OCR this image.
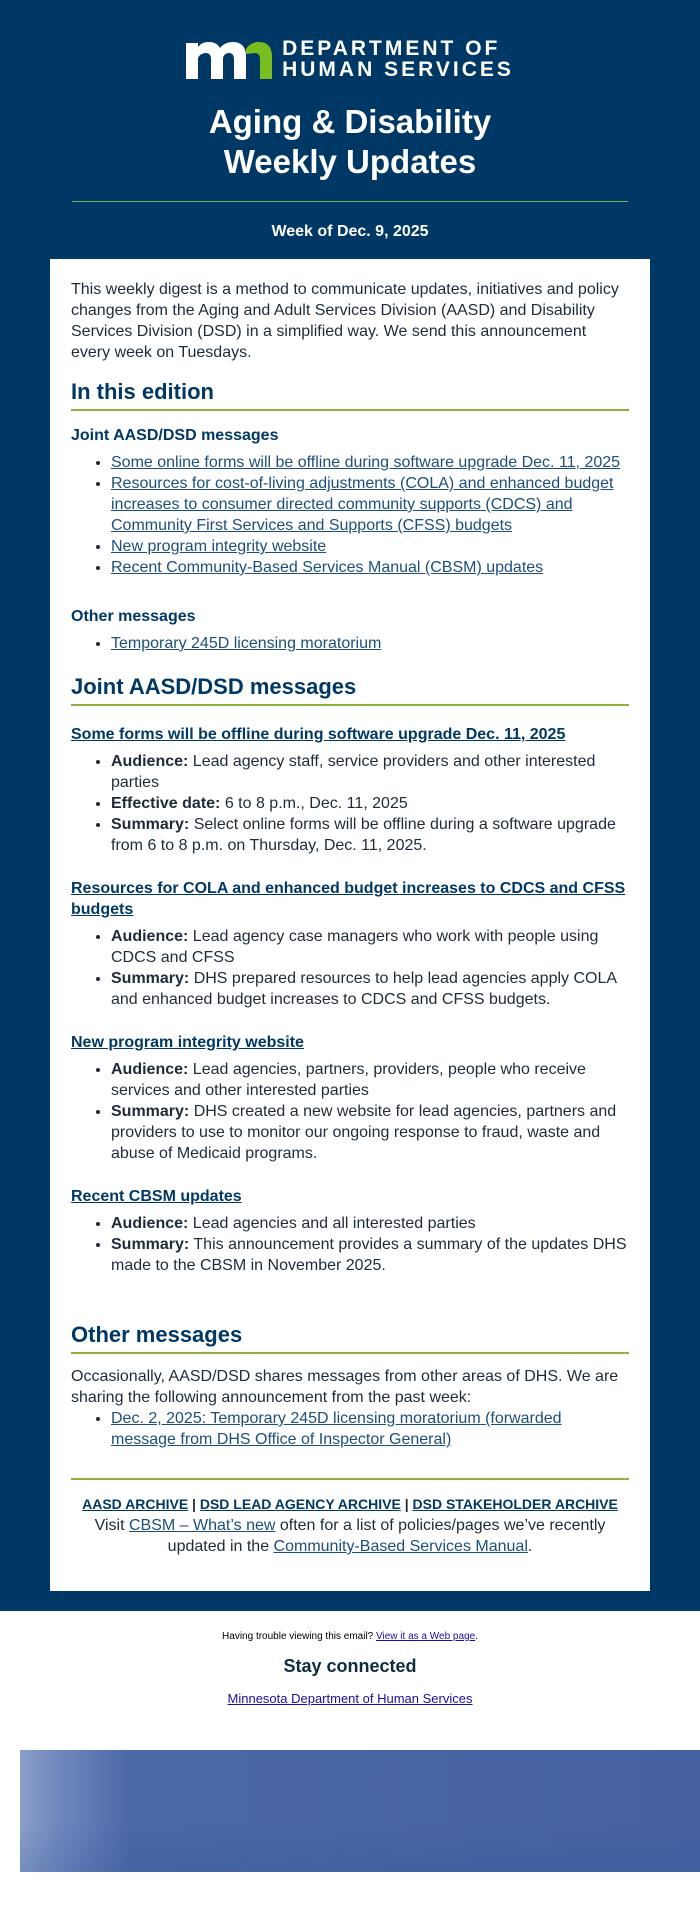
DEPARTMENT OF
HUMAN SERVICES
Aging & Disability
Weekly Updates
Week of Dec. 9, 2025

This weekly digest is a method to communicate updates, initiatives and policy changes from the Aging and Adult Services Division (AASD) and Disability Services Division (DSD) in a simplified way. We send this announcement every week on Tuesdays.

In this edition
Joint AASD/DSD messages
• Some online forms will be offline during software upgrade Dec. 11, 2025
• Resources for cost-of-living adjustments (COLA) and enhanced budget increases to consumer directed community supports (CDCS) and Community First Services and Supports (CFSS) budgets
• New program integrity website
• Recent Community-Based Services Manual (CBSM) updates
Other messages
• Temporary 245D licensing moratorium
Joint AASD/DSD messages
Some forms will be offline during software upgrade Dec. 11, 2025
• Audience: Lead agency staff, service providers and other interested parties
• Effective date: 6 to 8 p.m., Dec. 11, 2025
• Summary: Select online forms will be offline during a software upgrade from 6 to 8 p.m. on Thursday, Dec. 11, 2025.
Resources for COLA and enhanced budget increases to CDCS and CFSS budgets
• Audience: Lead agency case managers who work with people using CDCS and CFSS
• Summary: DHS prepared resources to help lead agencies apply COLA and enhanced budget increases to CDCS and CFSS budgets.
New program integrity website
• Audience: Lead agencies, partners, providers, people who receive services and other interested parties
• Summary: DHS created a new website for lead agencies, partners and providers to use to monitor our ongoing response to fraud, waste and abuse of Medicaid programs.
Recent CBSM updates
• Audience: Lead agencies and all interested parties
• Summary: This announcement provides a summary of the updates DHS made to the CBSM in November 2025.
Other messages

Occasionally, AASD/DSD shares messages from other areas of DHS. We are sharing the following announcement from the past week:

• Dec. 2, 2025: Temporary 245D licensing moratorium (forwarded message from DHS Office of Inspector General)
AASD ARCHIVE | DSD LEAD AGENCY ARCHIVE | DSD STAKEHOLDER ARCHIVE
Visit CBSM – What’s new often for a list of policies/pages we’ve recently updated in the Community-Based Services Manual.
Having trouble viewing this email? View it as a Web page.
Stay connected
Minnesota Department of Human Services
